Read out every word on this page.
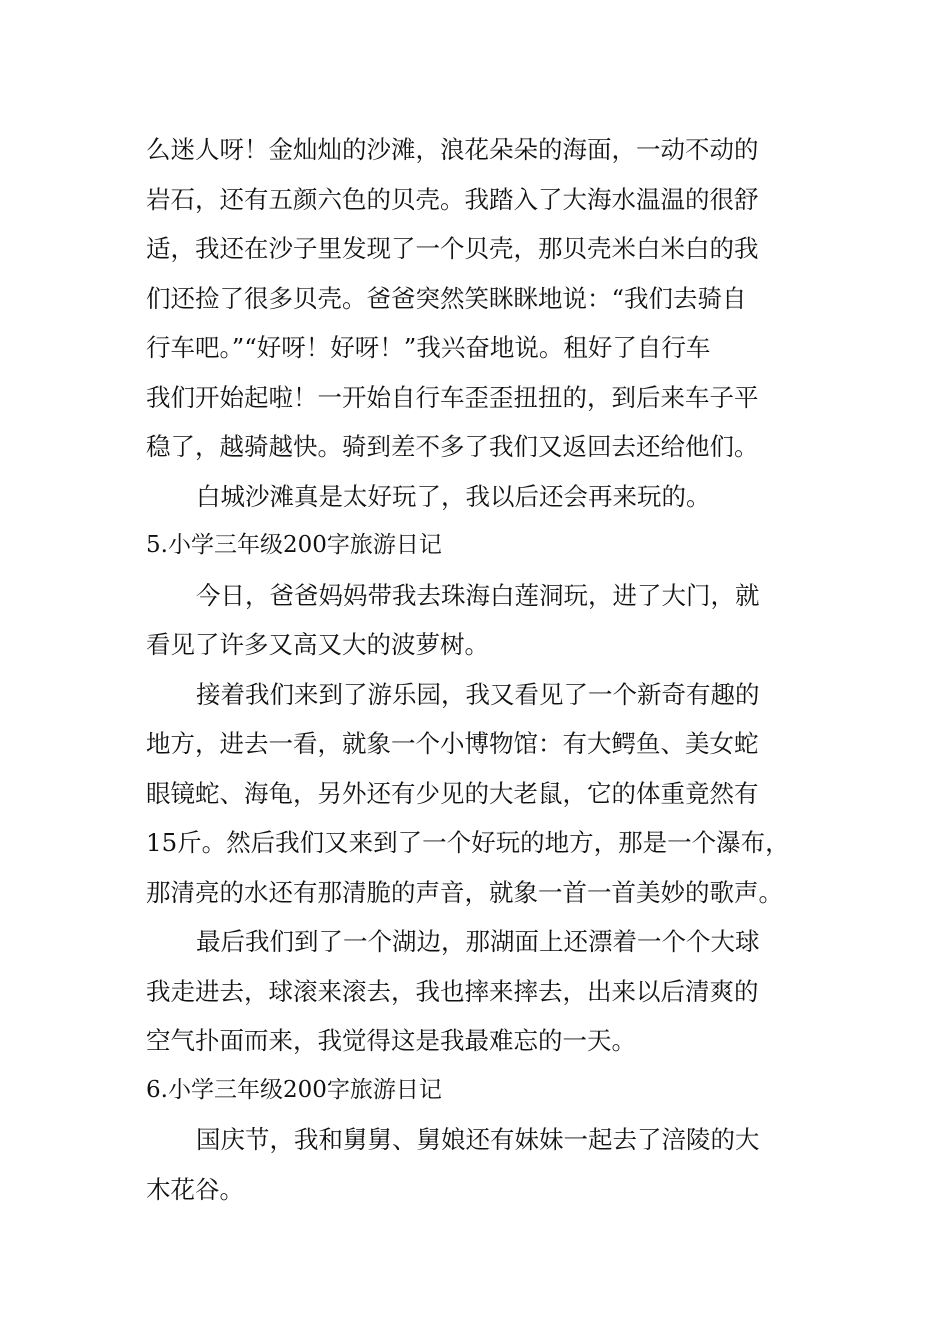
么迷人呀！金灿灿的沙滩，浪花朵朵的海面，一动不动的
岩石，还有五颜六色的贝壳。我踏入了大海水温温的很舒
适，我还在沙子里发现了一个贝壳，那贝壳米白米白的我
们还捡了很多贝壳。爸爸突然笑眯眯地说：“我们去骑自
行车吧。”“好呀！好呀！”我兴奋地说。租好了自行车
我们开始起啦！一开始自行车歪歪扭扭的，到后来车子平
稳了，越骑越快。骑到差不多了我们又返回去还给他们。
白城沙滩真是太好玩了，我以后还会再来玩的。
5.小学三年级200字旅游日记
今日，爸爸妈妈带我去珠海白莲洞玩，进了大门，就
看见了许多又高又大的波萝树。
接着我们来到了游乐园，我又看见了一个新奇有趣的
地方，进去一看，就象一个小博物馆：有大鳄鱼、美女蛇
眼镜蛇、海龟，另外还有少见的大老鼠，它的体重竟然有
15斤。然后我们又来到了一个好玩的地方，那是一个瀑布，
那清亮的水还有那清脆的声音，就象一首一首美妙的歌声。
最后我们到了一个湖边，那湖面上还漂着一个个大球
我走进去，球滚来滚去，我也摔来摔去，出来以后清爽的
空气扑面而来，我觉得这是我最难忘的一天。
6.小学三年级200字旅游日记
国庆节，我和舅舅、舅娘还有妹妹一起去了涪陵的大
木花谷。
